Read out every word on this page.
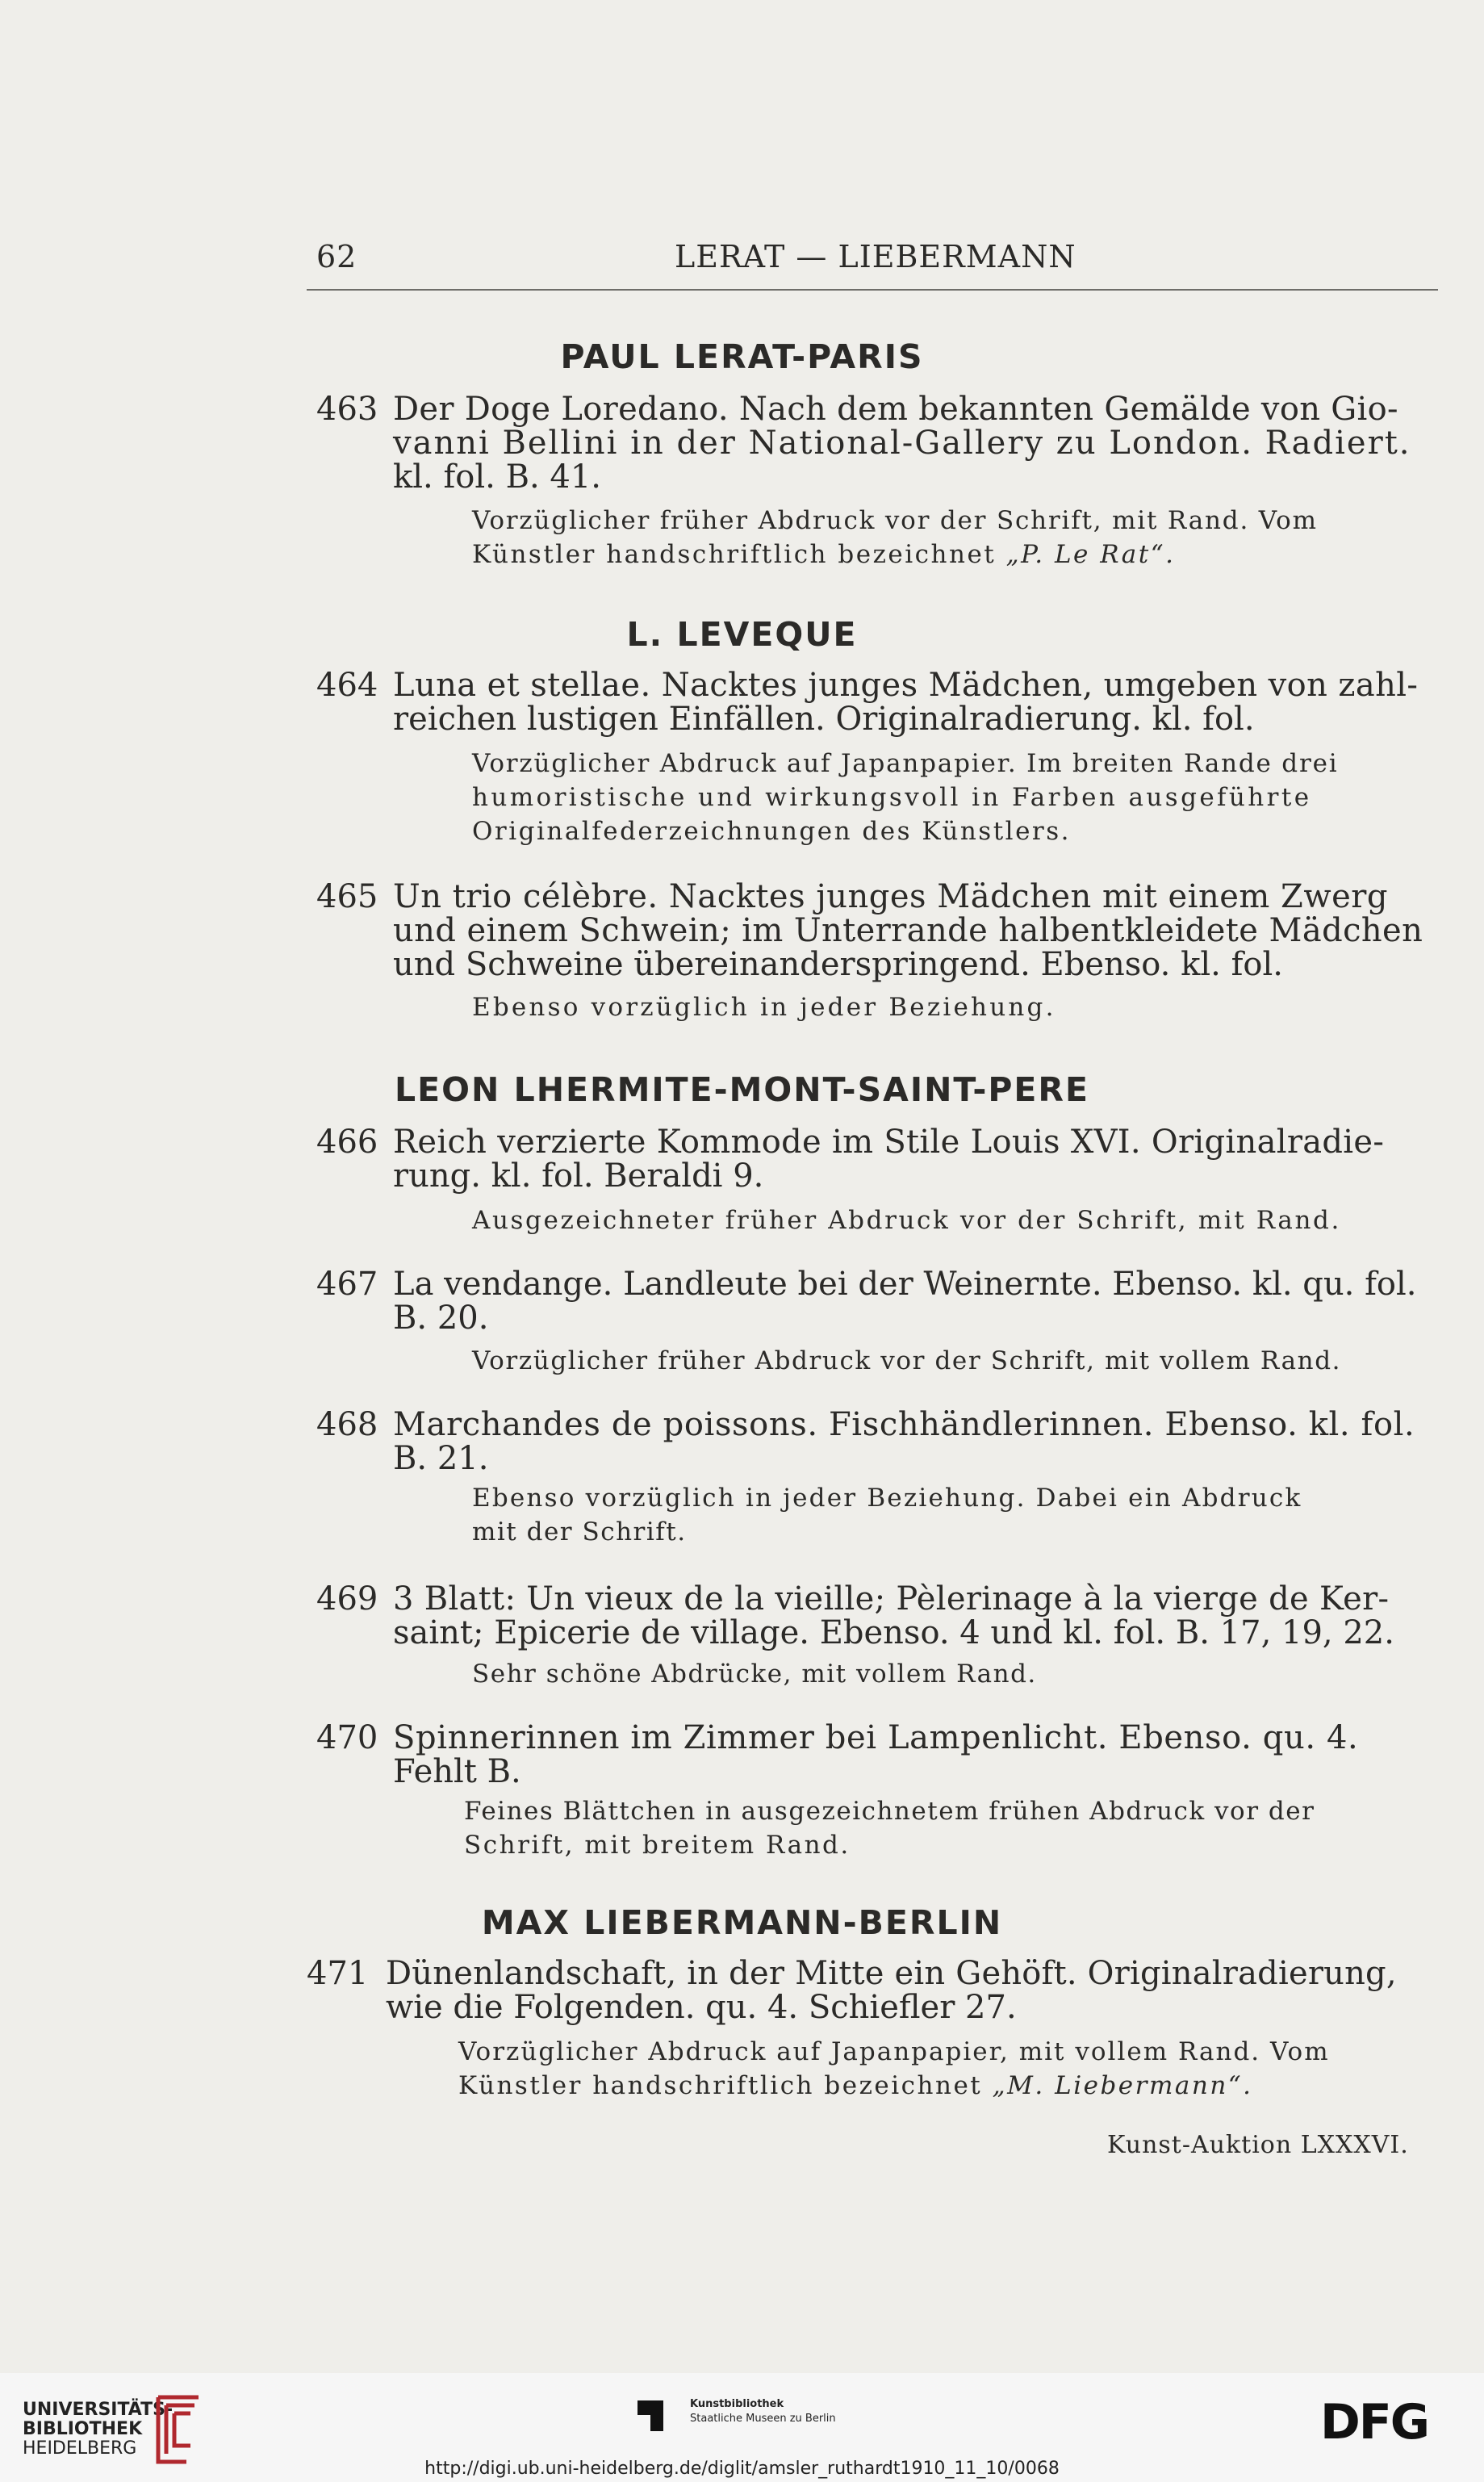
62	LERAT — LIEBERMANN
PAUL LERAT-PARIS
463 Der Doge Loredano. Nach dem bekannten Gemälde von Gio-
vanni Bellini in der National-Gallery zu London. Radiert.
kl. fol. B. 41.
Vorzüglicher früher Abdruck vor der Schrift, mit Rand. Vom
Künstler handschriftlich bezeichnet „P. Le Rat“.
L. LEVEQUE
464 Luna et stellae. Nacktes junges Mädchen, umgeben von zahl-
reichen lustigen Einfällen. Originalradierung. kl. fol.
Vorzüglicher Abdruck auf Japanpapier. Im breiten Rande drei
humoristische und wirkungsvoll in Farben ausgeführte
Originalfederzeichnungen des Künstlers.
465 Un trio célèbre. Nacktes junges Mädchen mit einem Zwerg
und einem Schwein; im Unterrande halbentkleidete Mädchen
und Schweine übereinanderspringend. Ebenso. kl. fol.
Ebenso vorzüglich in jeder Beziehung.
LEON LHERMITE-MONT-SAINT-PERE
466 Reich verzierte Kommode im Stile Louis XVI. Originalradie-
rung. kl. fol. Beraldi 9.
Ausgezeichneter früher Abdruck vor der Schrift, mit Rand.
467 La vendange. Landleute bei der Weinernte. Ebenso. kl. qu. fol.
B. 20.
Vorzüglicher früher Abdruck vor der Schrift, mit vollem Rand.
468 Marchandes de poissons. Fischhändlerinnen. Ebenso. kl. fol.
B. 21.
Ebenso vorzüglich in jeder Beziehung. Dabei ein Abdruck
mit der Schrift.
469 3 Blatt: Un vieux de la vieille; Pèlerinage à la vierge de Ker-
saint; Epicerie de village. Ebenso. 4 und kl. fol. B. 17, 19, 22.
Sehr schöne Abdrücke, mit vollem Rand.
470 Spinnerinnen im Zimmer bei Lampenlicht. Ebenso. qu. 4.
Fehlt B.
Feines Blättchen in ausgezeichnetem frühen Abdruck vor der
Schrift, mit breitem Rand.
MAX LIEBERMANN-BERLIN
471 Dünenlandschaft, in der Mitte ein Gehöft. Originalradierung,
wie die Folgenden. qu. 4. Schiefler 27.
Vorzüglicher Abdruck auf Japanpapier, mit vollem Rand. Vom
Künstler handschriftlich bezeichnet „M. Liebermann“.
Kunst-Auktion LXXXVI.
UNIVERSITÄTS-
BIBLIOTHEK
HEIDELBERG
Kunstbibliothek
Staatliche Museen zu Berlin	DFG
http://digi.ub.uni-heidelberg.de/diglit/amsler_ruthardt1910_11_10/0068
